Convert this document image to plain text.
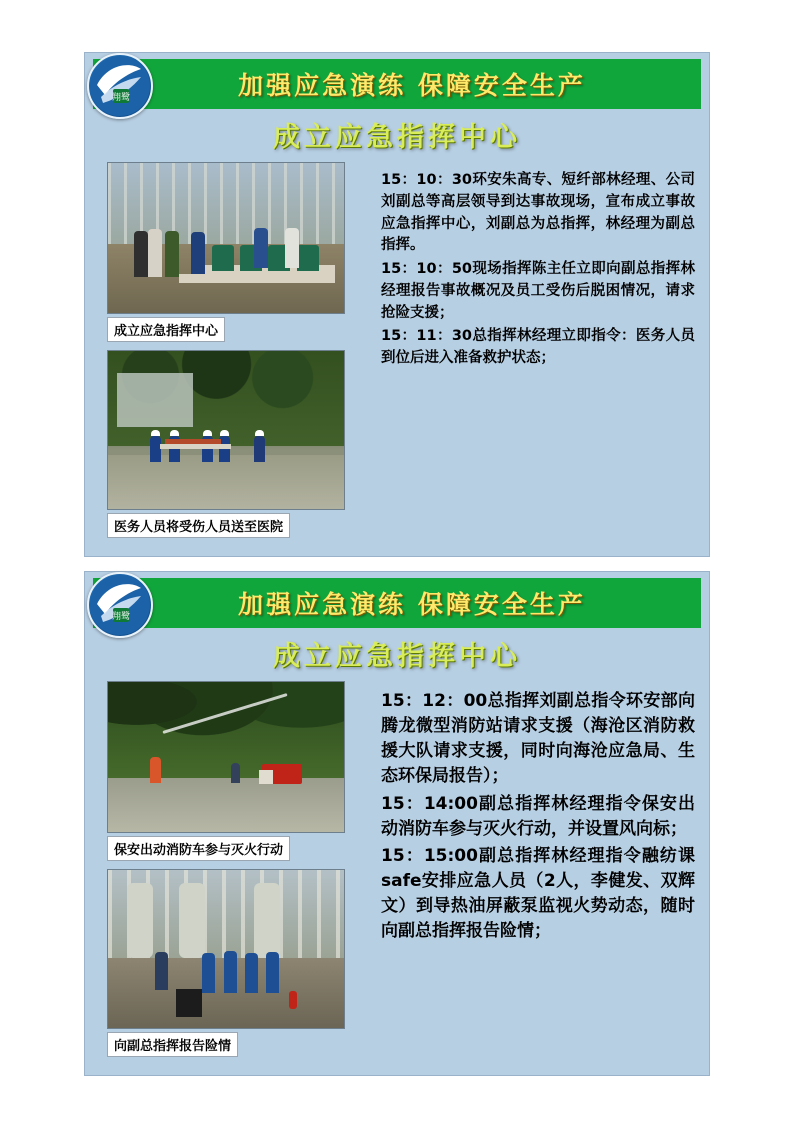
翔鹭	加强应急演练 保障安全生产
成立应急指挥中心
成立应急指挥中心
医务人员将受伤人员送至医院

15：10：30环安朱高专、短纤部林经理、公司刘副总等高层领导到达事故现场，宣布成立事故应急指挥中心，刘副总为总指挥，林经理为副总指挥。

15：10：50现场指挥陈主任立即向副总指挥林经理报告事故概况及员工受伤后脱困情况，请求抢险支援；

15：11：30总指挥林经理立即指令：医务人员到位后进入准备救护状态；

翔鹭	加强应急演练 保障安全生产
成立应急指挥中心
保安出动消防车参与灭火行动
向副总指挥报告险情

15：12：00总指挥刘副总指令环安部向腾龙微型消防站请求支援（海沧区消防救援大队请求支援，同时向海沧应急局、生态环保局报告）；

15：14:00副总指挥林经理指令保安出动消防车参与灭火行动，并设置风向标；

15：15:00副总指挥林经理指令融纺课safe安排应急人员（2人，李健发、双辉文）到导热油屏蔽泵监视火势动态，随时向副总指挥报告险情；
